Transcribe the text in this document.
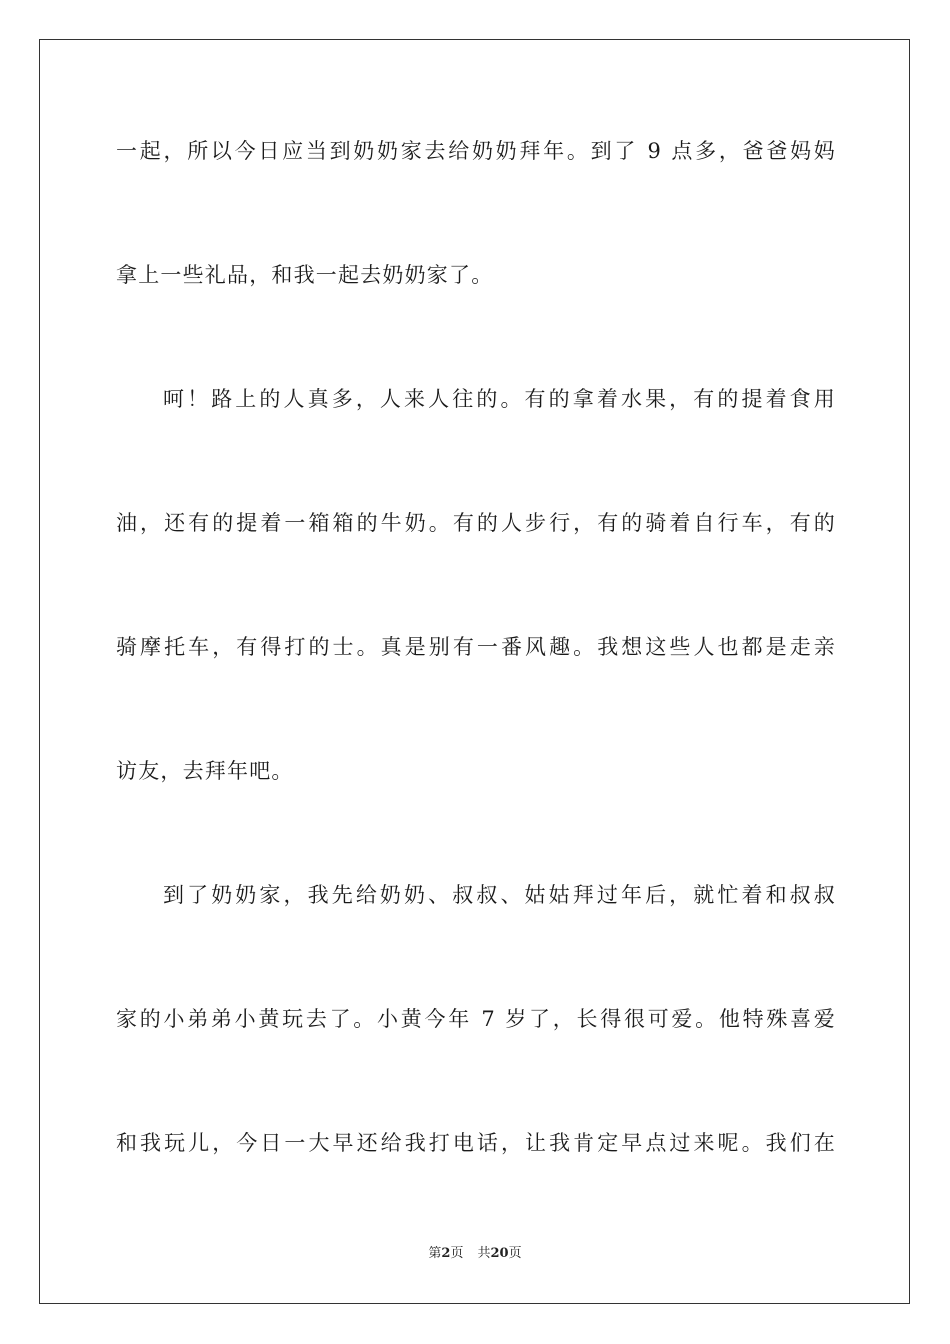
一起，所以今日应当到奶奶家去给奶奶拜年。到了 9 点多，爸爸妈妈
拿上一些礼品，和我一起去奶奶家了。
呵！路上的人真多，人来人往的。有的拿着水果，有的提着食用
油，还有的提着一箱箱的牛奶。有的人步行，有的骑着自行车，有的
骑摩托车，有得打的士。真是别有一番风趣。我想这些人也都是走亲
访友，去拜年吧。
到了奶奶家，我先给奶奶、叔叔、姑姑拜过年后，就忙着和叔叔
家的小弟弟小黄玩去了。小黄今年 7 岁了，长得很可爱。他特殊喜爱
和我玩儿，今日一大早还给我打电话，让我肯定早点过来呢。我们在
第2页 共20页
